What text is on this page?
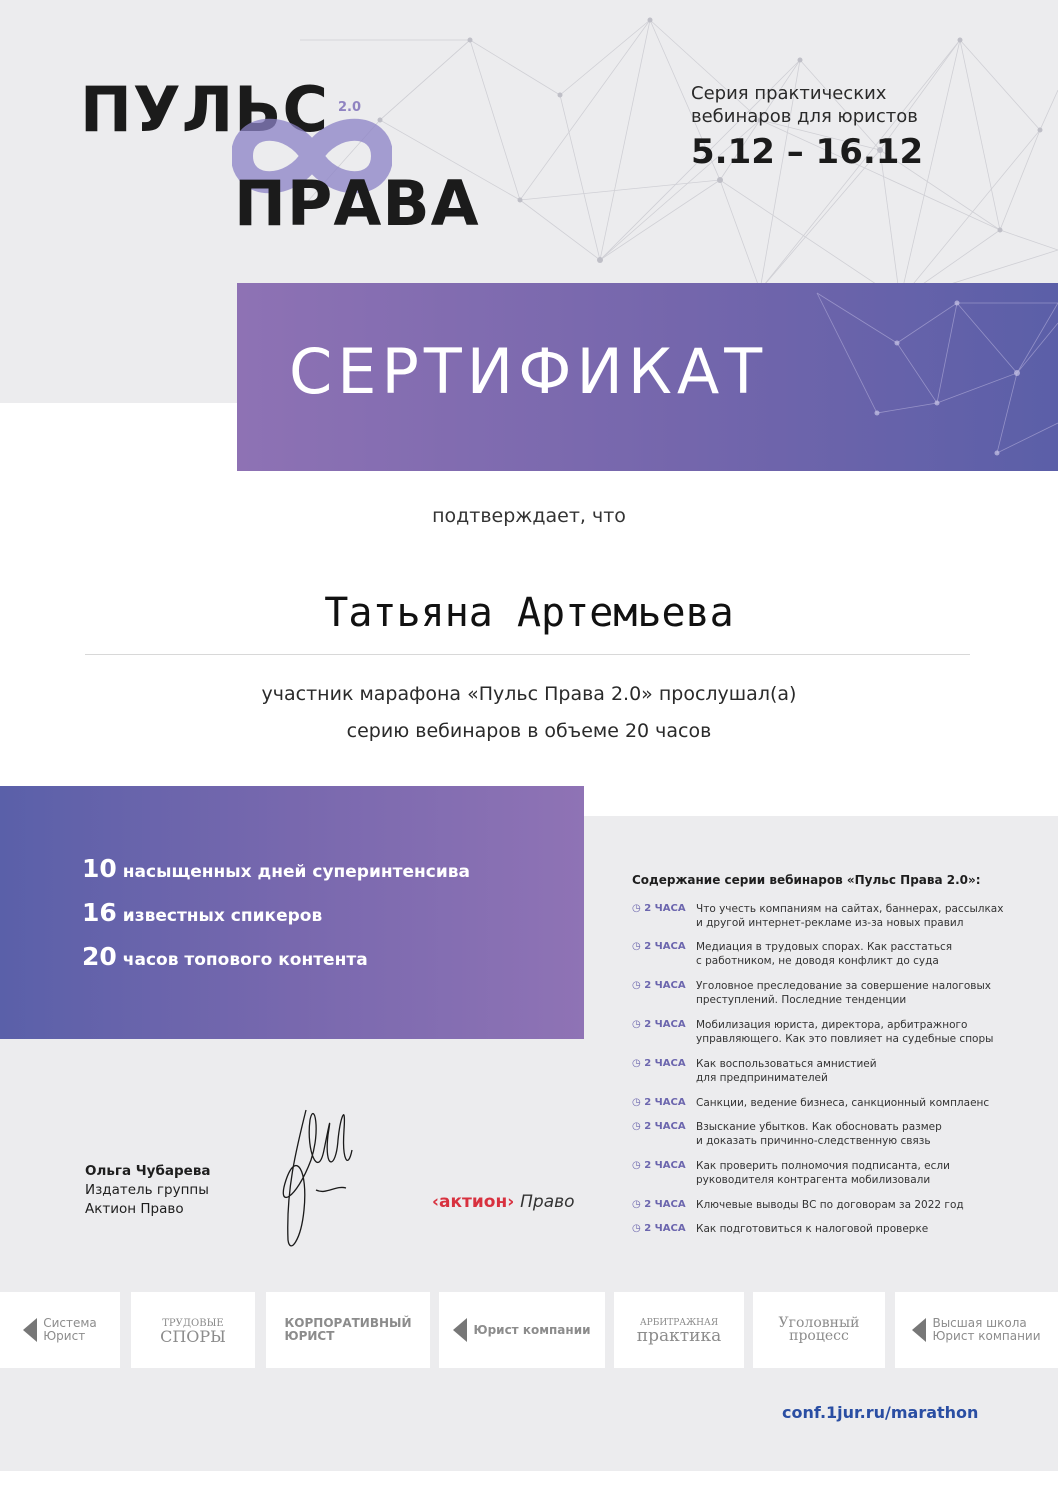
ПУЛЬС 2.0
ПРАВА
Серия практических
вебинаров для юристов
5.12 – 16.12
СЕРТИФИКАТ
подтверждает, что
Татьяна Артемьева
участник марафона «Пульс Права 2.0» прослушал(а)
серию вебинаров в объеме 20 часов
10 насыщенных дней суперинтенсива
16 известных спикеров
20 часов топового контента
Содержание серии вебинаров «Пульс Права 2.0»:
◷ 2 ЧАСА Что учесть компаниям на сайтах, баннерах, рассылках
и другой интернет-рекламе из-за новых правил
◷ 2 ЧАСА Медиация в трудовых спорах. Как расстаться
с работником, не доводя конфликт до суда
◷ 2 ЧАСА Уголовное преследование за совершение налоговых
преступлений. Последние тенденции
◷ 2 ЧАСА Мобилизация юриста, директора, арбитражного
управляющего. Как это повлияет на судебные споры
◷ 2 ЧАСА Как воспользоваться амнистией
для предпринимателей
◷ 2 ЧАСА Санкции, ведение бизнеса, санкционный комплаенс
◷ 2 ЧАСА Взыскание убытков. Как обосновать размер
и доказать причинно-следственную связь
◷ 2 ЧАСА Как проверить полномочия подписанта, если
руководителя контрагента мобилизовали
◷ 2 ЧАСА Ключевые выводы ВС по договорам за 2022 год
◷ 2 ЧАСА Как подготовиться к налоговой проверке
Ольга Чубарева
Издатель группы
Актион Право	‹актион› Право
Система
Юрист
ТРУДОВЫЕ
СПОРЫ
КОРПОРАТИВНЫЙ
ЮРИСТ	Юрист компании	АРБИТРАЖНАЯ
практика
Уголовный
процесс
Высшая школа
Юрист компании
conf.1jur.ru/marathon
